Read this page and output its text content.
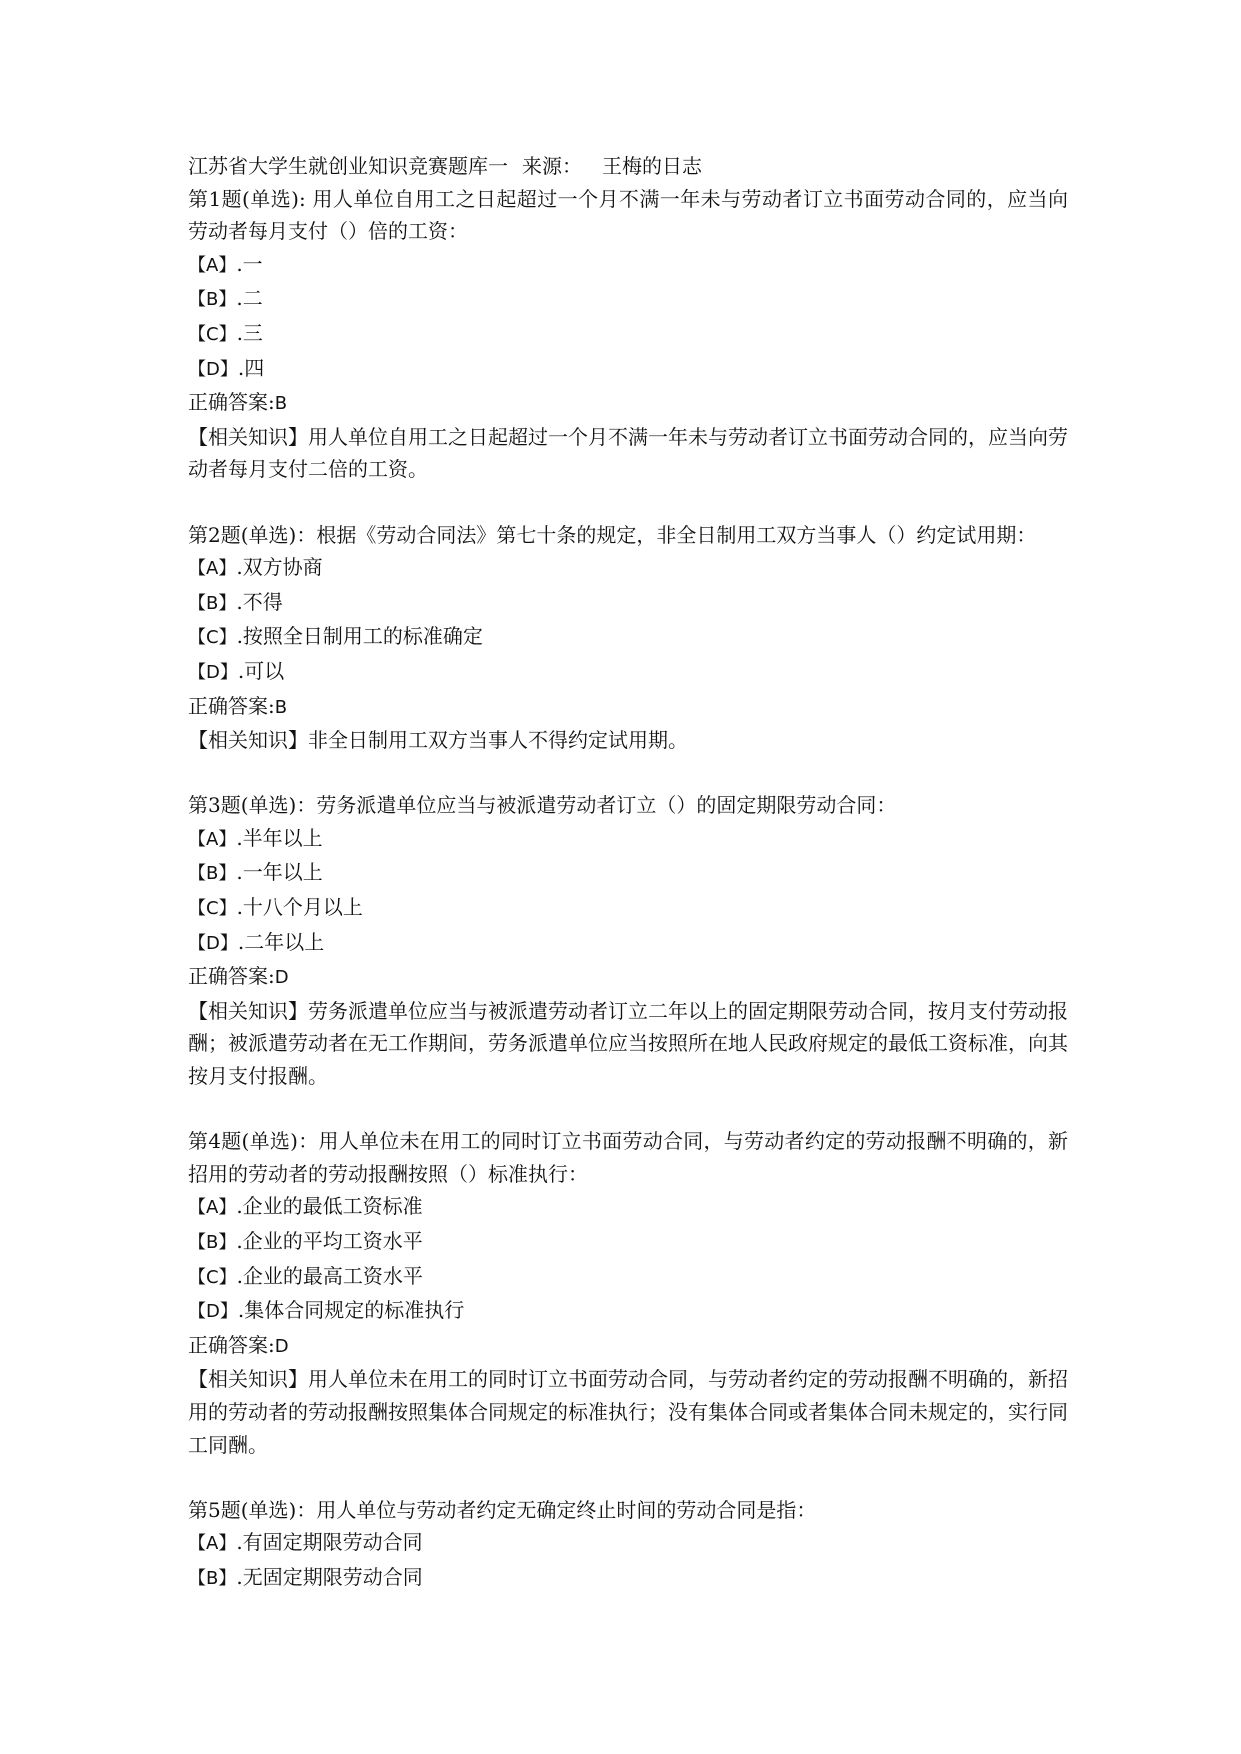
江苏省大学生就创业知识竞赛题库一 来源： 王梅的日志

第1题(单选): 用人单位自用工之日起超过一个月不满一年未与劳动者订立书面劳动合同的，应当向劳动者每月支付（）倍的工资：

【A】.一

【B】.二

【C】.三

【D】.四

正确答案:B

【相关知识】用人单位自用工之日起超过一个月不满一年未与劳动者订立书面劳动合同的，应当向劳动者每月支付二倍的工资。

第2题(单选)：根据《劳动合同法》第七十条的规定，非全日制用工双方当事人（）约定试用期：

【A】.双方协商

【B】.不得

【C】.按照全日制用工的标准确定

【D】.可以

正确答案:B

【相关知识】非全日制用工双方当事人不得约定试用期。

第3题(单选)：劳务派遣单位应当与被派遣劳动者订立（）的固定期限劳动合同：

【A】.半年以上

【B】.一年以上

【C】.十八个月以上

【D】.二年以上

正确答案:D

【相关知识】劳务派遣单位应当与被派遣劳动者订立二年以上的固定期限劳动合同，按月支付劳动报酬；被派遣劳动者在无工作期间，劳务派遣单位应当按照所在地人民政府规定的最低工资标准，向其按月支付报酬。

第4题(单选)：用人单位未在用工的同时订立书面劳动合同，与劳动者约定的劳动报酬不明确的，新招用的劳动者的劳动报酬按照（）标准执行：

【A】.企业的最低工资标准

【B】.企业的平均工资水平

【C】.企业的最高工资水平

【D】.集体合同规定的标准执行

正确答案:D

【相关知识】用人单位未在用工的同时订立书面劳动合同，与劳动者约定的劳动报酬不明确的，新招用的劳动者的劳动报酬按照集体合同规定的标准执行；没有集体合同或者集体合同未规定的，实行同工同酬。

第5题(单选)：用人单位与劳动者约定无确定终止时间的劳动合同是指：

【A】.有固定期限劳动合同

【B】.无固定期限劳动合同
